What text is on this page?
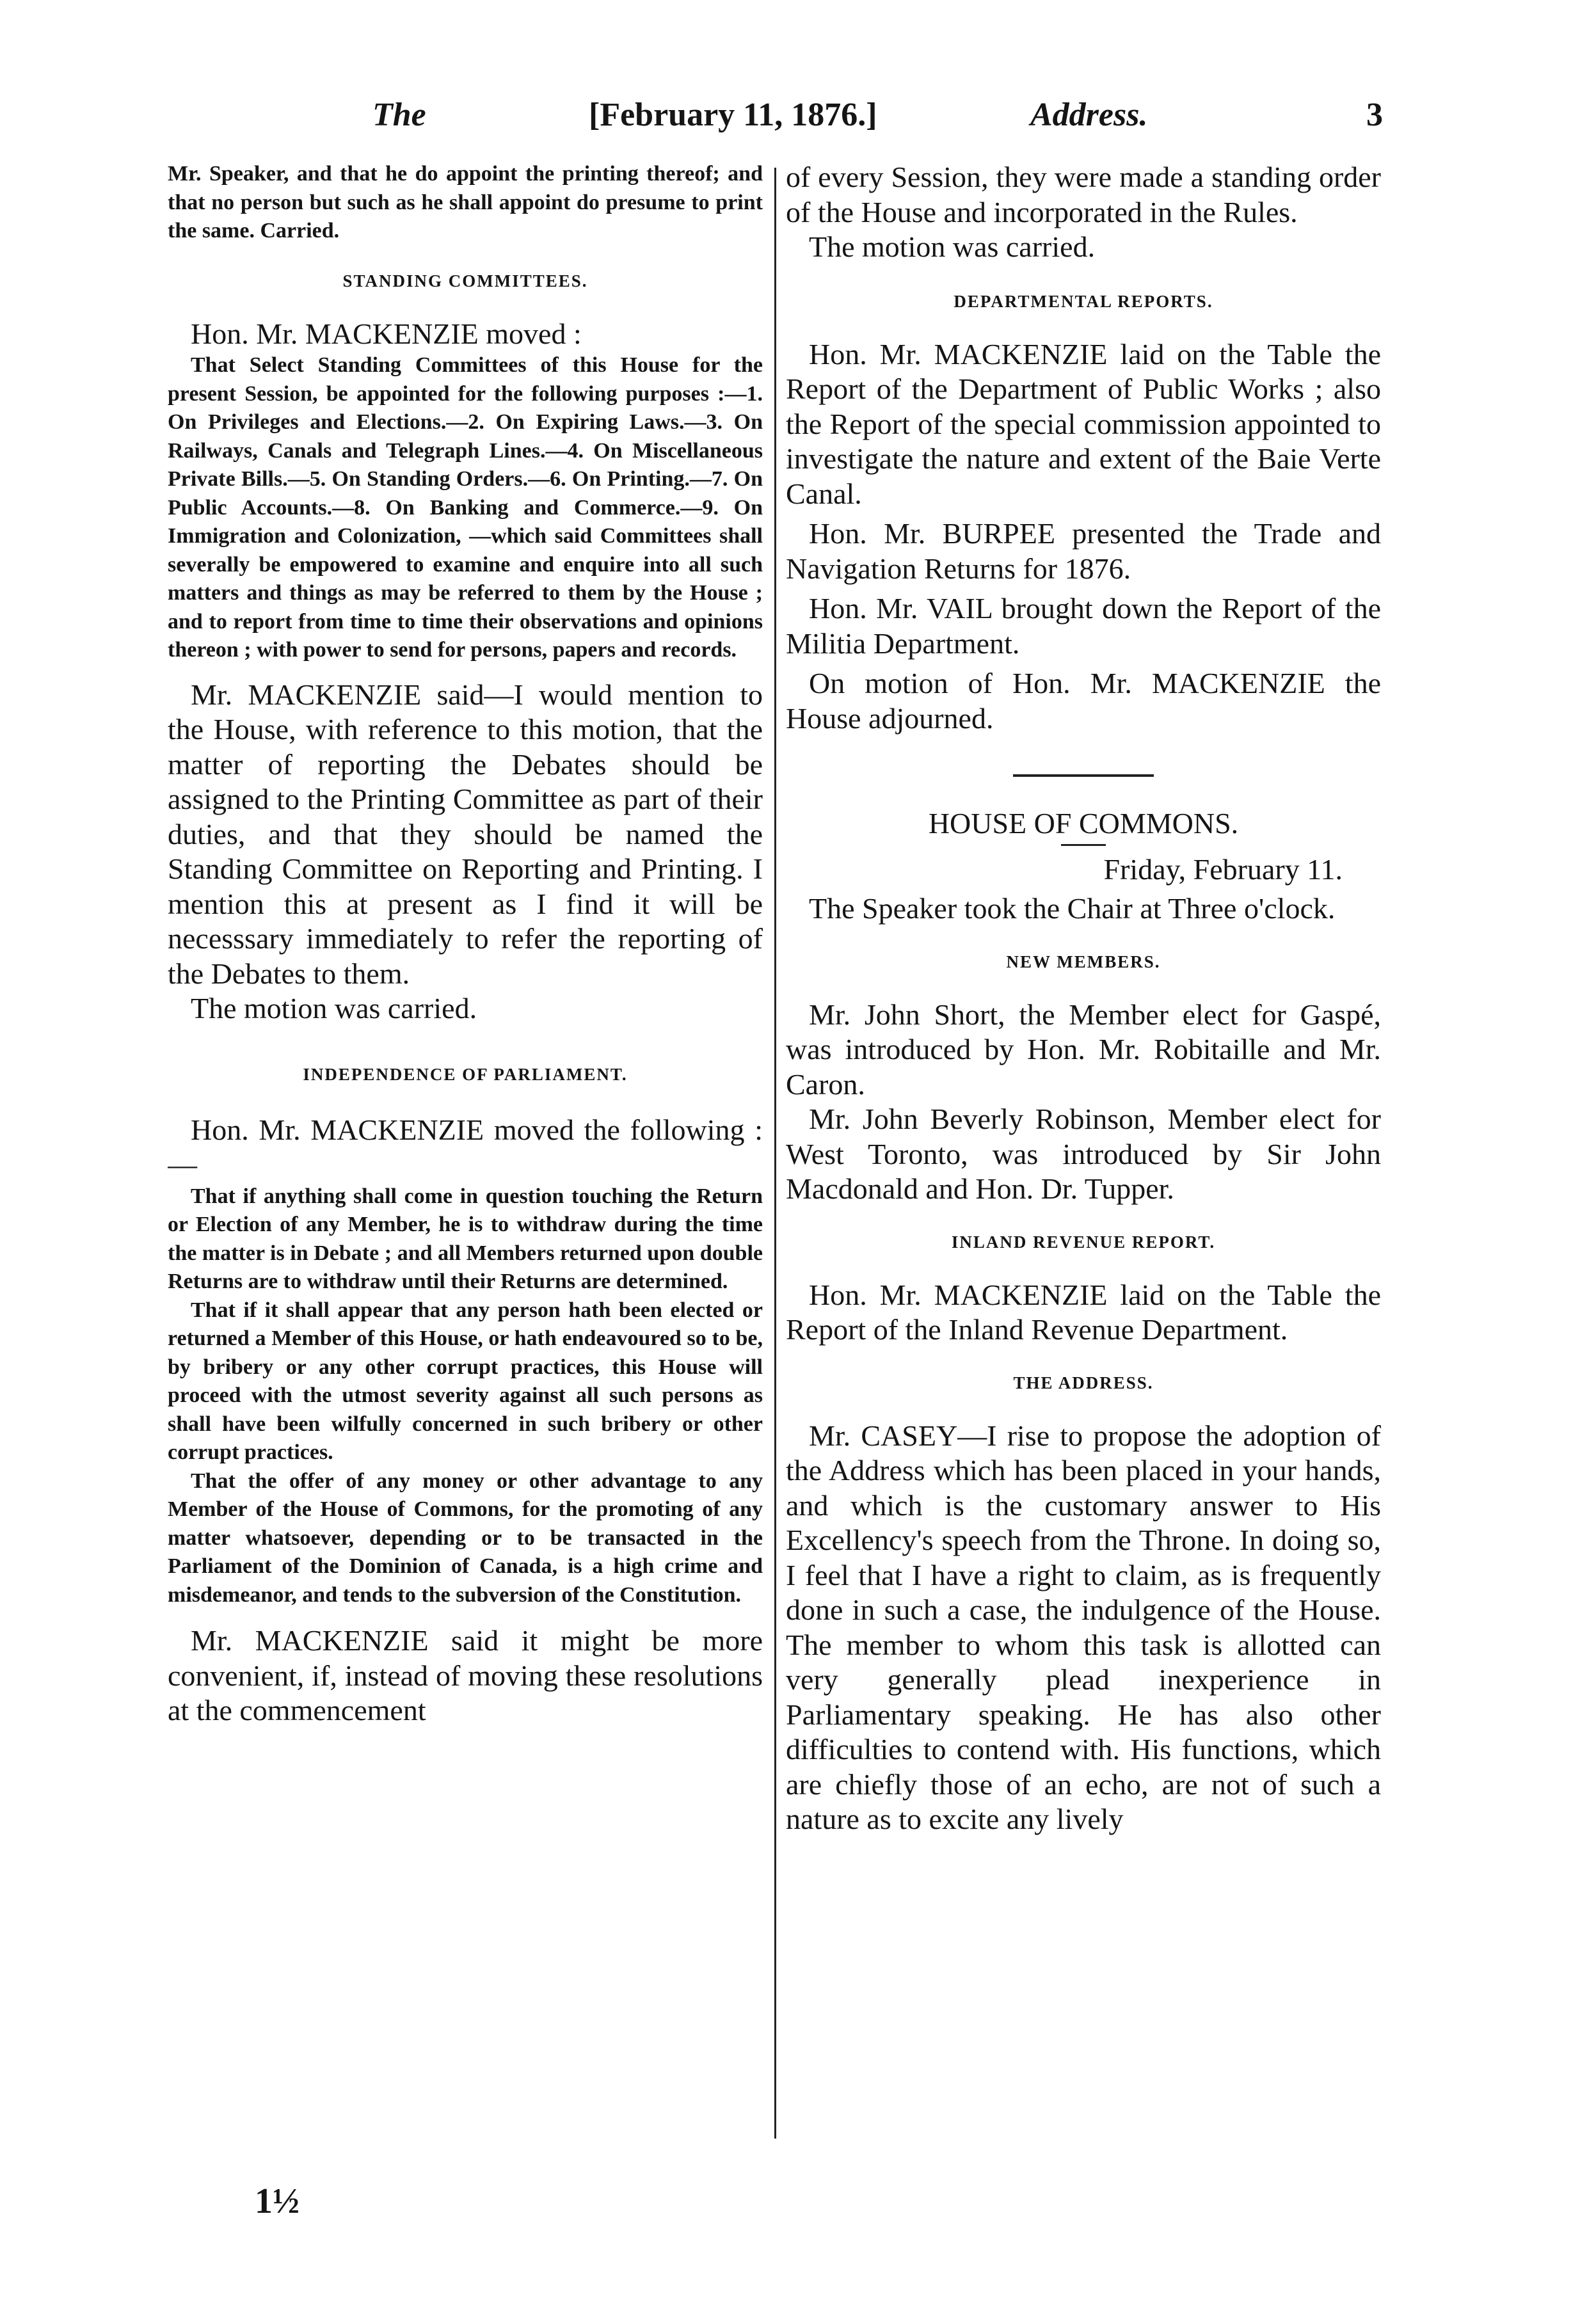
The	[February 11, 1876.]	Address.	3

Mr. Speaker, and that he do appoint the printing thereof; and that no person but such as he shall appoint do presume to print the same. Carried.

STANDING COMMITTEES.

Hon. Mr. MACKENZIE moved :

That Select Standing Committees of this House for the present Session, be appointed for the following purposes :—1. On Privileges and Elections.—2. On Expiring Laws.—3. On Railways, Canals and Telegraph Lines.—4. On Miscellaneous Private Bills.—5. On Standing Orders.—6. On Printing.—7. On Public Accounts.—8. On Banking and Commerce.—9. On Immigration and Colonization, —which said Committees shall severally be empowered to examine and enquire into all such matters and things as may be referred to them by the House ; and to report from time to time their observations and opinions thereon ; with power to send for persons, papers and records.

Mr. MACKENZIE said—I would mention to the House, with reference to this motion, that the matter of reporting the Debates should be assigned to the Printing Committee as part of their duties, and that they should be named the Standing Committee on Reporting and Printing. I mention this at present as I find it will be necesssary immediately to refer the reporting of the Debates to them.

The motion was carried.

INDEPENDENCE OF PARLIAMENT.

Hon. Mr. MACKENZIE moved the following :—

That if anything shall come in question touching the Return or Election of any Member, he is to withdraw during the time the matter is in Debate ; and all Members returned upon double Returns are to withdraw until their Returns are determined.

That if it shall appear that any person hath been elected or returned a Member of this House, or hath endeavoured so to be, by bribery or any other corrupt practices, this House will proceed with the utmost severity against all such persons as shall have been wilfully concerned in such bribery or other corrupt practices.

That the offer of any money or other advantage to any Member of the House of Commons, for the promoting of any matter whatsoever, depending or to be transacted in the Parliament of the Dominion of Canada, is a high crime and misdemeanor, and tends to the subversion of the Constitution.

Mr. MACKENZIE said it might be more convenient, if, instead of moving these resolutions at the commencement

of every Session, they were made a standing order of the House and incorporated in the Rules.

The motion was carried.

DEPARTMENTAL REPORTS.

Hon. Mr. MACKENZIE laid on the Table the Report of the Department of Public Works ; also the Report of the special commission appointed to investigate the nature and extent of the Baie Verte Canal.

Hon. Mr. BURPEE presented the Trade and Navigation Returns for 1876.

Hon. Mr. VAIL brought down the Report of the Militia Department.

On motion of Hon. Mr. MACKENZIE the House adjourned.

HOUSE OF COMMONS.

Friday, February 11.

The Speaker took the Chair at Three o'clock.

NEW MEMBERS.

Mr. John Short, the Member elect for Gaspé, was introduced by Hon. Mr. Robitaille and Mr. Caron.

Mr. John Beverly Robinson, Member elect for West Toronto, was introduced by Sir John Macdonald and Hon. Dr. Tupper.

INLAND REVENUE REPORT.

Hon. Mr. MACKENZIE laid on the Table the Report of the Inland Revenue Department.

THE ADDRESS.

Mr. CASEY—I rise to propose the adoption of the Address which has been placed in your hands, and which is the customary answer to His Excellency's speech from the Throne. In doing so, I feel that I have a right to claim, as is frequently done in such a case, the indulgence of the House. The member to whom this task is allotted can very generally plead inexperience in Parliamentary speaking. He has also other difficulties to contend with. His functions, which are chiefly those of an echo, are not of such a nature as to excite any lively

1½
